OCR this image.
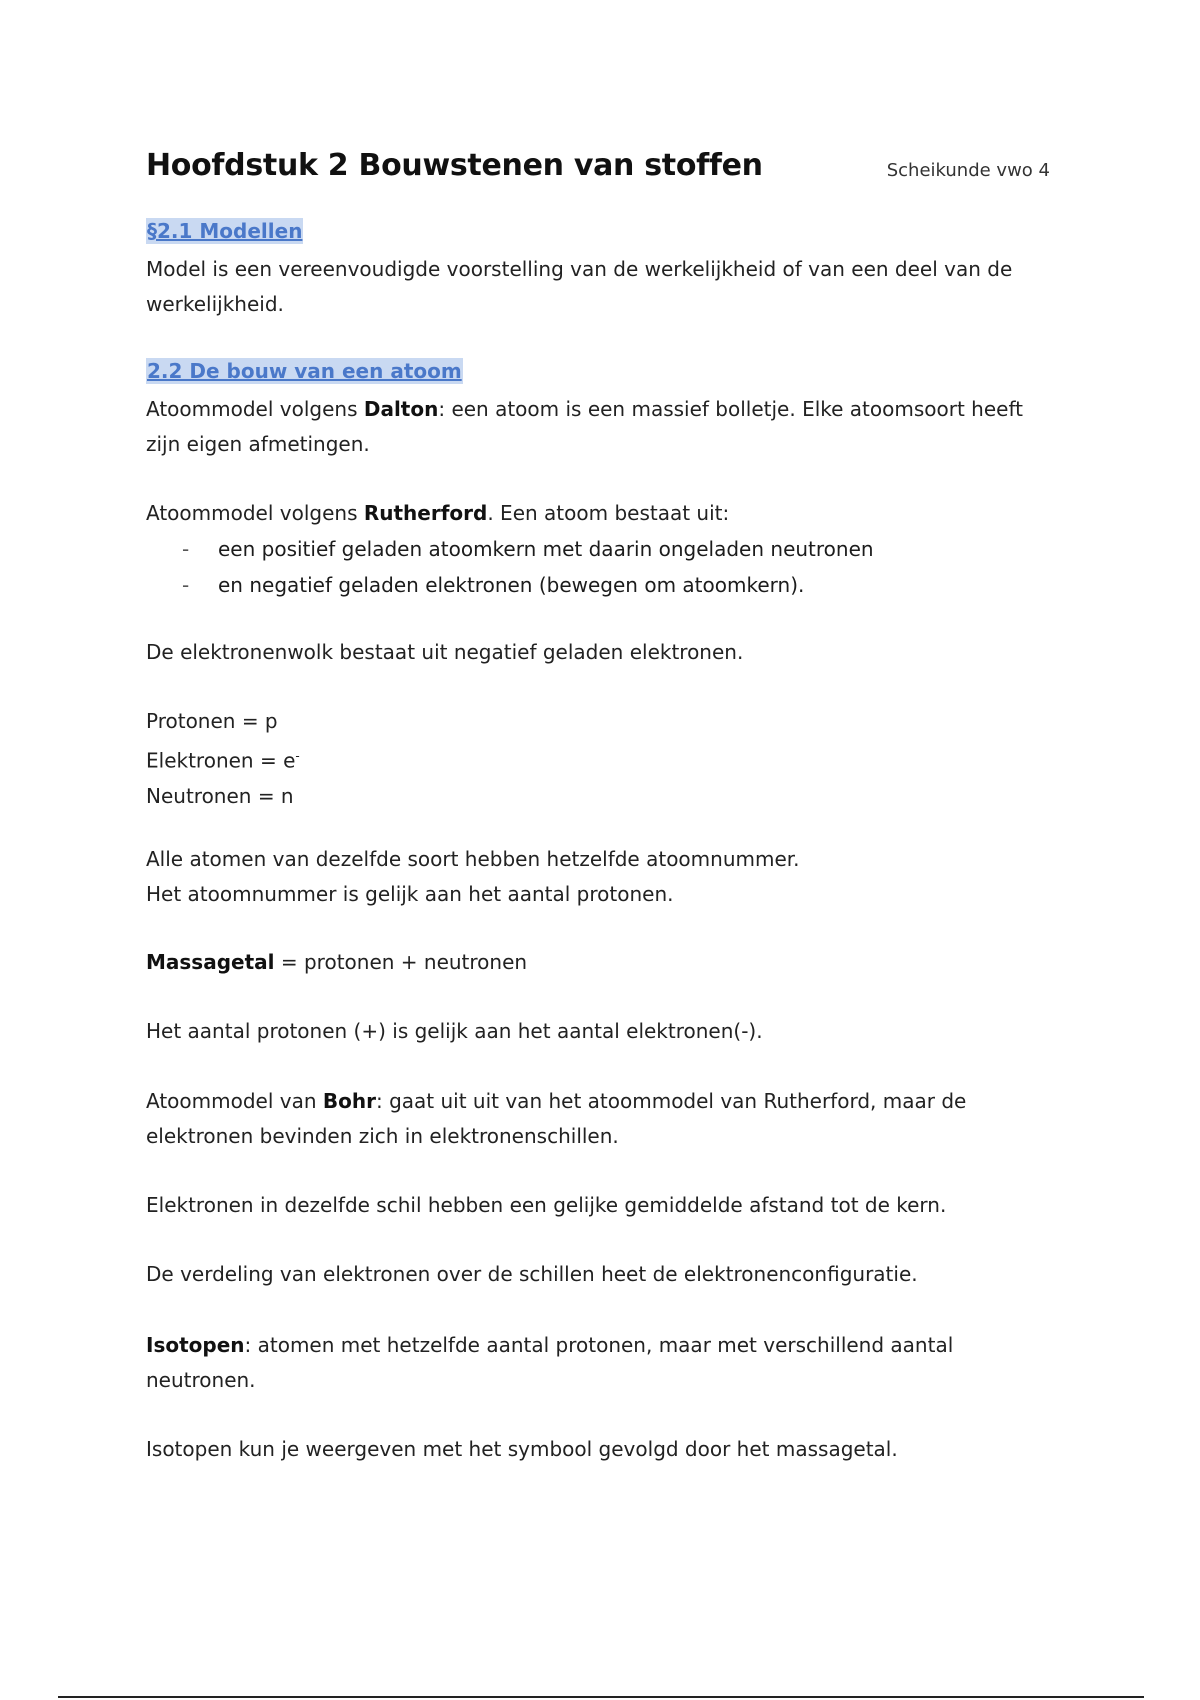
Hoofdstuk 2 Bouwstenen van stoffen	Scheikunde vwo 4
§2.1 Modellen

Model is een vereenvoudigde voorstelling van de werkelijkheid of van een deel van de werkelijkheid.

2.2 De bouw van een atoom

Atoommodel volgens Dalton: een atoom is een massief bolletje. Elke atoomsoort heeft zijn eigen afmetingen.

Atoommodel volgens Rutherford. Een atoom bestaat uit:

- een positief geladen atoomkern met daarin ongeladen neutronen
- en negatief geladen elektronen (bewegen om atoomkern).

De elektronenwolk bestaat uit negatief geladen elektronen.

Protonen = p

Elektronen = e-

Neutronen = n

Alle atomen van dezelfde soort hebben hetzelfde atoomnummer.

Het atoomnummer is gelijk aan het aantal protonen.

Massagetal = protonen + neutronen

Het aantal protonen (+) is gelijk aan het aantal elektronen(-).

Atoommodel van Bohr: gaat uit uit van het atoommodel van Rutherford, maar de elektronen bevinden zich in elektronenschillen.

Elektronen in dezelfde schil hebben een gelijke gemiddelde afstand tot de kern.

De verdeling van elektronen over de schillen heet de elektronenconfiguratie.

Isotopen: atomen met hetzelfde aantal protonen, maar met verschillend aantal neutronen.

Isotopen kun je weergeven met het symbool gevolgd door het massagetal.
